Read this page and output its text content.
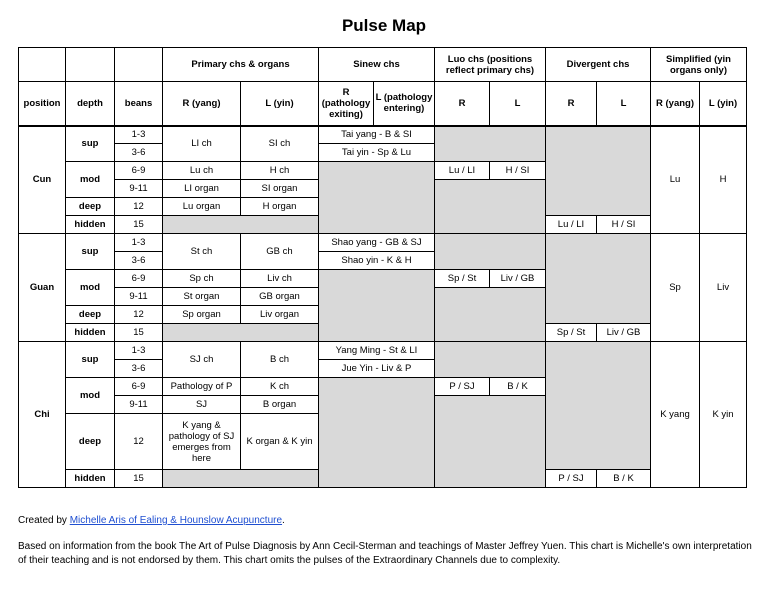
Pulse Map
			Primary chs & organs		Sinew chs		Luo chs (positions reflect primary chs)		Divergent chs		Simplified (yin organs only)	
position	depth	beans	R (yang)	L (yin)	R (pathology exiting)	L (pathology entering)	R	L	R	L	R (yang)	L (yin)
Cun	sup	1-3	LI ch	SI ch	Tai yang - B & SI						Lu	H
		3-6			Tai yin - Sp & Lu							
	mod	6-9	Lu ch	H ch			Lu / LI	H / SI				
		9-11	LI organ	SI organ								
	deep	12	Lu organ	H organ								
	hidden	15							Lu / LI	H / SI		
Guan	sup	1-3	St ch	GB ch	Shao yang - GB & SJ						Sp	Liv
		3-6			Shao yin - K & H							
	mod	6-9	Sp ch	Liv ch			Sp / St	Liv / GB				
		9-11	St organ	GB organ								
	deep	12	Sp organ	Liv organ								
	hidden	15							Sp / St	Liv / GB		
Chi	sup	1-3	SJ ch	B ch	Yang Ming - St & LI						K yang	K yin
		3-6			Jue Yin - Liv & P							
	mod	6-9	Pathology of P	K ch			P / SJ	B / K				
		9-11	SJ	B organ								
	deep	12	K yang & pathology of SJ emerges from here	K organ & K yin								
	hidden	15							P / SJ	B / K		
Created by Michelle Aris of Ealing & Hounslow Acupuncture.
Based on information from the book The Art of Pulse Diagnosis by Ann Cecil-Sterman and teachings of Master Jeffrey Yuen. This chart is Michelle's own interpretation of their teaching and is not endorsed by them. This chart omits the pulses of the Extraordinary Channels due to complexity.
